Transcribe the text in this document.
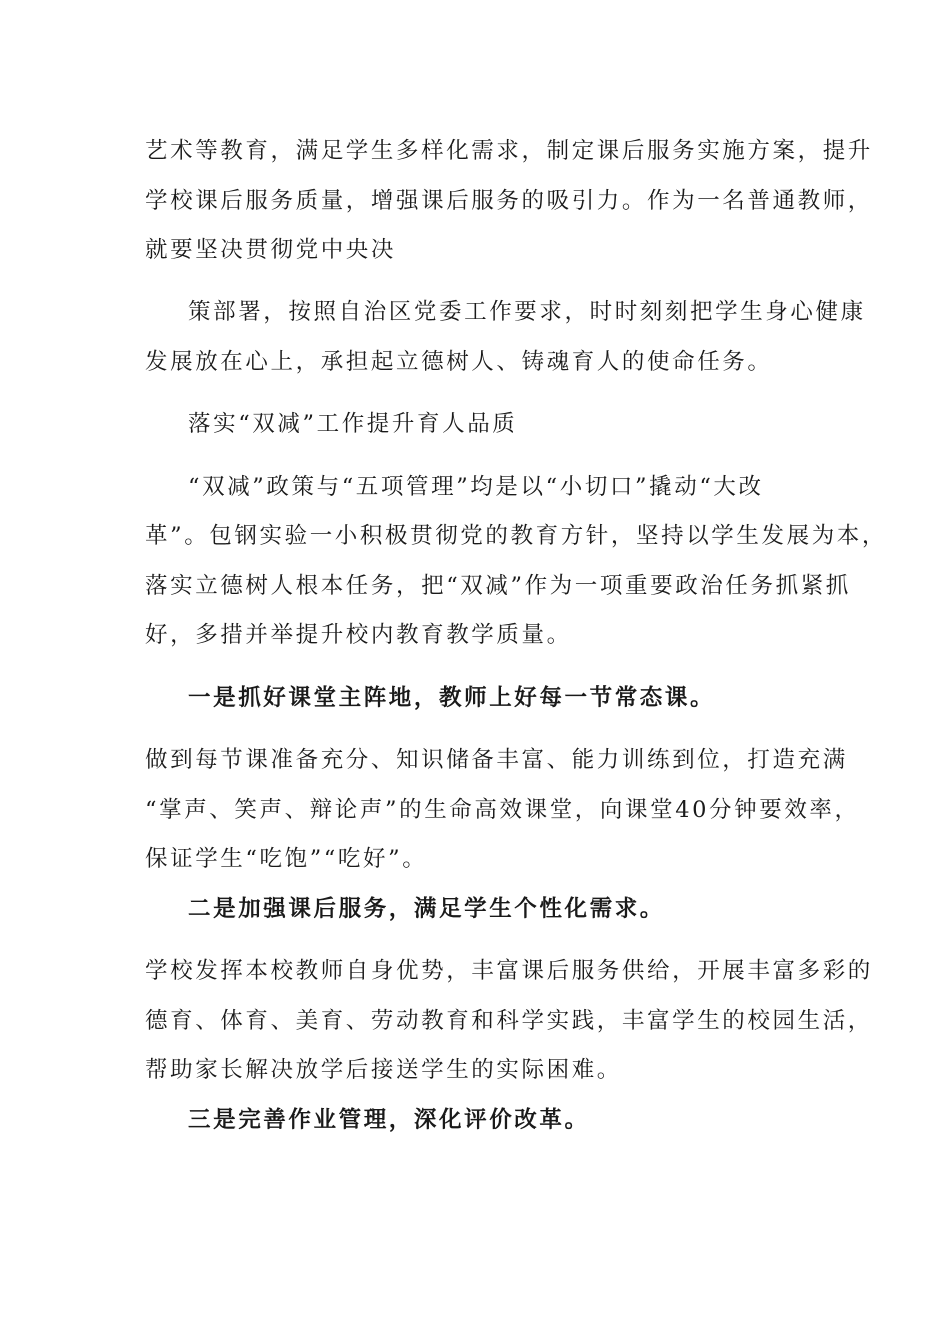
艺术等教育，满足学生多样化需求，制定课后服务实施方案，提升
学校课后服务质量，增强课后服务的吸引力。作为一名普通教师，
就要坚决贯彻党中央决
策部署，按照自治区党委工作要求，时时刻刻把学生身心健康
发展放在心上，承担起立德树人、铸魂育人的使命任务。
落实“双减”工作提升育人品质
“双减”政策与“五项管理”均是以“小切口”撬动“大改
革”。包钢实验一小积极贯彻党的教育方针，坚持以学生发展为本，
落实立德树人根本任务，把“双减”作为一项重要政治任务抓紧抓
好，多措并举提升校内教育教学质量。
一是抓好课堂主阵地，教师上好每一节常态课。
做到每节课准备充分、知识储备丰富、能力训练到位，打造充满
“掌声、笑声、辩论声”的生命高效课堂，向课堂40分钟要效率，
保证学生“吃饱”“吃好”。
二是加强课后服务，满足学生个性化需求。
学校发挥本校教师自身优势，丰富课后服务供给，开展丰富多彩的
德育、体育、美育、劳动教育和科学实践，丰富学生的校园生活，
帮助家长解决放学后接送学生的实际困难。
三是完善作业管理，深化评价改革。
